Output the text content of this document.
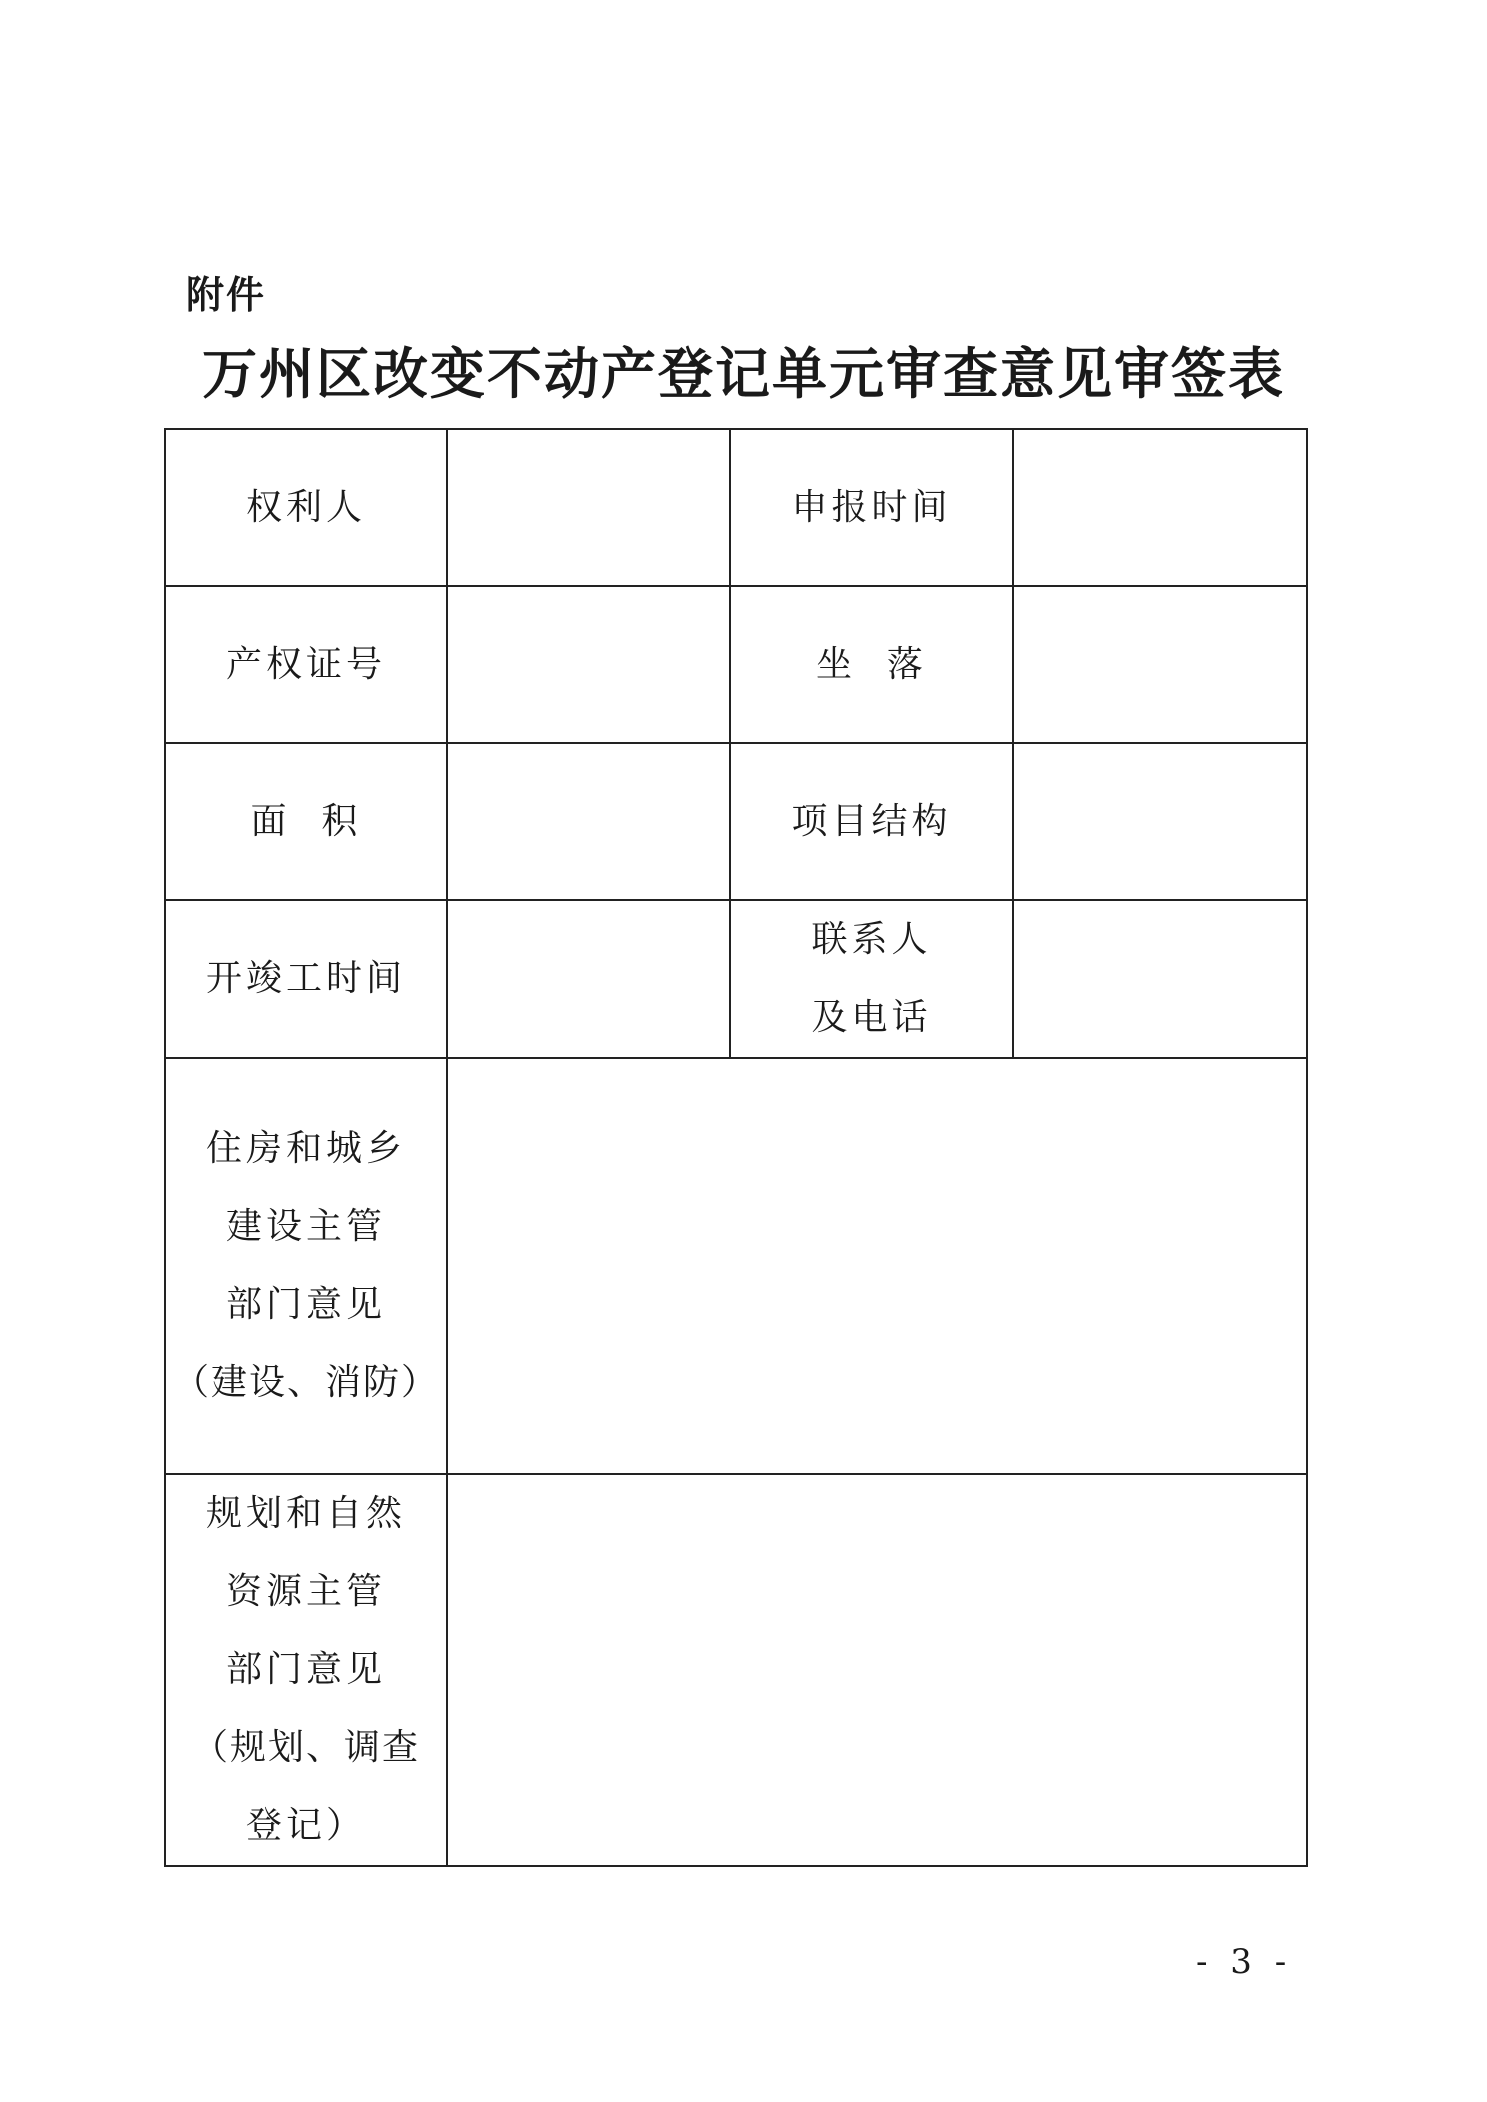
附件
万州区改变不动产登记单元审查意见审签表
权利人		申报时间	
产权证号		坐  落	
面  积		项目结构	
开竣工时间		联系人
及电话	

住房和城乡
建设主管
部门意见
（建设、消防）			

规划和自然
资源主管
部门意见
（规划、调查
登记）			

- 3 -
